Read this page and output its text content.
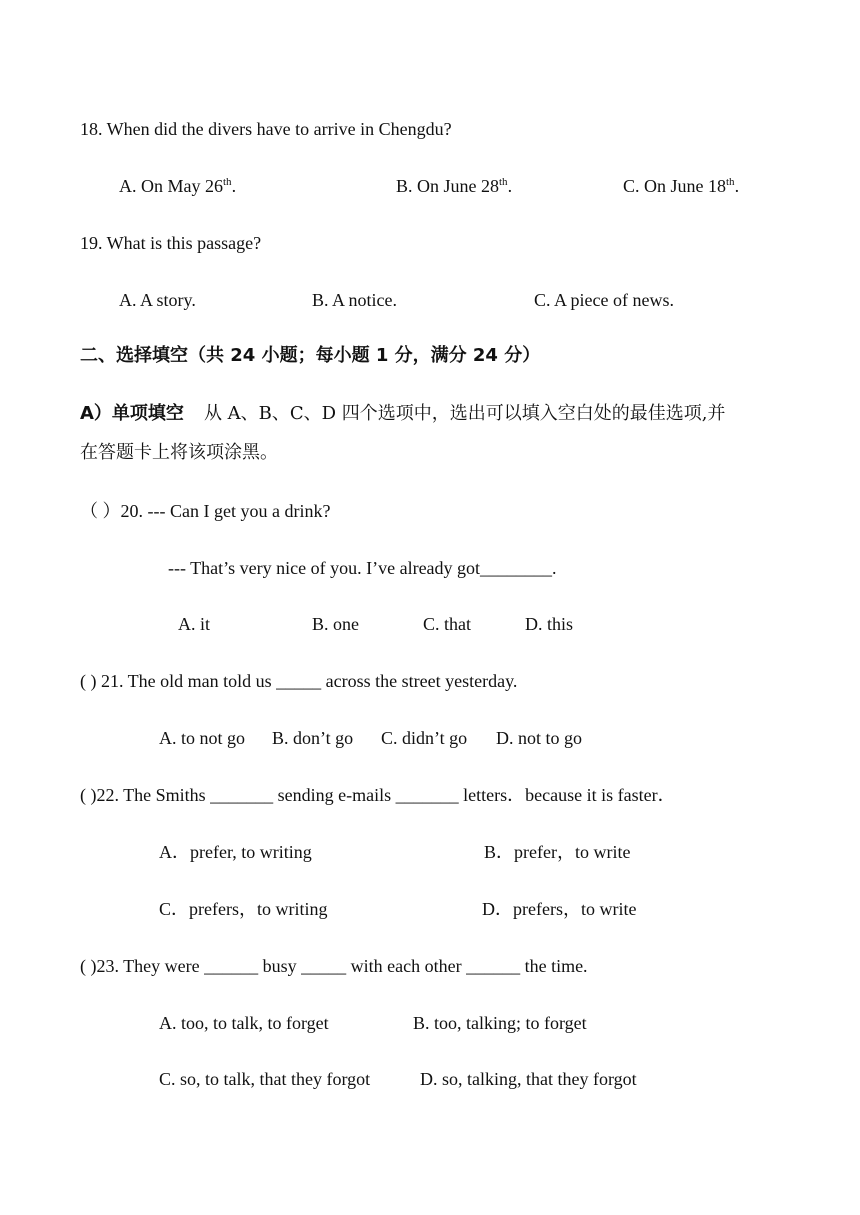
18. When did the divers have to arrive in Chengdu?
A. On May 26th.	B. On June 28th.	C. On June 18th.
19. What is this passage?
A. A story.	B. A notice.	C. A piece of news.
二、选择填空（共 24 小题；每小题 1 分，满分 24 分）
A）单项填空 从 A、B、C、D 四个选项中，选出可以填入空白处的最佳选项,并
在答题卡上将该项涂黑。
（ ）20. --- Can I get you a drink?
--- That’s very nice of you. I’ve already got________.
A. it	B. one	C. that	D. this
( ) 21. The old man told us _____ across the street yesterday.
A. to not go B. don’t go C. didn’t go D. not to go
( )22. The Smiths _______ sending e-mails _______ letters．because it is faster．
A．prefer, to writing	B．prefer，to write
C．prefers，to writing	D．prefers，to write
( )23. They were ______ busy _____ with each other ______ the time.
A. too, to talk, to forget	B. too, talking; to forget
C. so, to talk, that they forgot	D. so, talking, that they forgot
